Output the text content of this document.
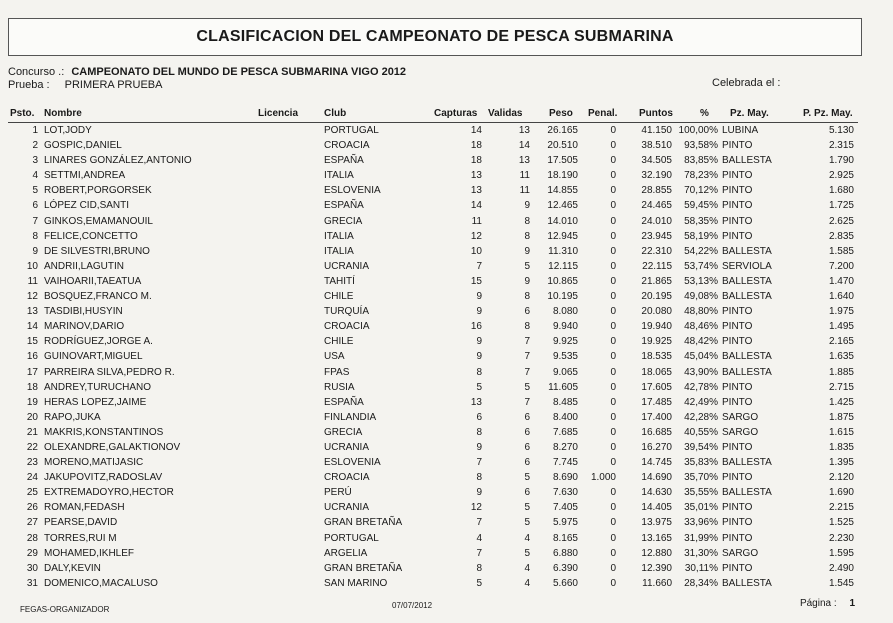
CLASIFICACION DEL CAMPEONATO DE PESCA SUBMARINA
Concurso .: CAMPEONATO DEL MUNDO DE PESCA SUBMARINA VIGO 2012
Prueba : PRIMERA PRUEBA	Celebrada el :
Psto. Nombre	Licencia	Club	Capturas Validas	Peso Penal. Puntos	% Pz. May.	P. Pz. May.
1 LOT,JODY	PORTUGAL	14	13	26.165	0	41.150 100,00% LUBINA	5.130
2 GOSPIC,DANIEL	CROACIA	18	14	20.510	0	38.510	93,58% PINTO	2.315
3 LINARES GONZÁLEZ,ANTONIO	ESPAÑA	18	13	17.505	0	34.505	83,85% BALLESTA	1.790
4 SETTMI,ANDREA	ITALIA	13	11	18.190	0	32.190	78,23% PINTO	2.925
5 ROBERT,PORGORSEK	ESLOVENIA	13	11	14.855	0	28.855	70,12% PINTO	1.680
6 LÓPEZ CID,SANTI	ESPAÑA	14	9	12.465	0	24.465	59,45% PINTO	1.725
7 GINKOS,EMAMANOUIL	GRECIA	11	8	14.010	0	24.010	58,35% PINTO	2.625
8 FELICE,CONCETTO	ITALIA	12	8	12.945	0	23.945	58,19% PINTO	2.835
9 DE SILVESTRI,BRUNO	ITALIA	10	9	11.310	0	22.310	54,22% BALLESTA	1.585
10 ANDRII,LAGUTIN	UCRANIA	7	5	12.115	0	22.115	53,74% SERVIOLA	7.200
11 VAIHOARII,TAEATUA	TAHITÍ	15	9	10.865	0	21.865	53,13% BALLESTA	1.470
12 BOSQUEZ,FRANCO M.	CHILE	9	8	10.195	0	20.195	49,08% BALLESTA	1.640
13 TASDIBI,HUSYIN	TURQUÍA	9	6	8.080	0	20.080	48,80% PINTO	1.975
14 MARINOV,DARIO	CROACIA	16	8	9.940	0	19.940	48,46% PINTO	1.495
15 RODRÍGUEZ,JORGE A.	CHILE	9	7	9.925	0	19.925	48,42% PINTO	2.165
16 GUINOVART,MIGUEL	USA	9	7	9.535	0	18.535	45,04% BALLESTA	1.635
17 PARREIRA SILVA,PEDRO R.	FPAS	8	7	9.065	0	18.065	43,90% BALLESTA	1.885
18 ANDREY,TURUCHANO	RUSIA	5	5	11.605	0	17.605	42,78% PINTO	2.715
19 HERAS LOPEZ,JAIME	ESPAÑA	13	7	8.485	0	17.485	42,49% PINTO	1.425
20 RAPO,JUKA	FINLANDIA	6	6	8.400	0	17.400	42,28% SARGO	1.875
21 MAKRIS,KONSTANTINOS	GRECIA	8	6	7.685	0	16.685	40,55% SARGO	1.615
22 OLEXANDRE,GALAKTIONOV	UCRANIA	9	6	8.270	0	16.270	39,54% PINTO	1.835
23 MORENO,MATIJASIC	ESLOVENIA	7	6	7.745	0	14.745	35,83% BALLESTA	1.395
24 JAKUPOVITZ,RADOSLAV	CROACIA	8	5	8.690	1.000	14.690	35,70% PINTO	2.120
25 EXTREMADOYRO,HECTOR	PERÚ	9	6	7.630	0	14.630	35,55% BALLESTA	1.690
26 ROMAN,FEDASH	UCRANIA	12	5	7.405	0	14.405	35,01% PINTO	2.215
27 PEARSE,DAVID	GRAN BRETAÑA	7	5	5.975	0	13.975	33,96% PINTO	1.525
28 TORRES,RUI M	PORTUGAL	4	4	8.165	0	13.165	31,99% PINTO	2.230
29 MOHAMED,IKHLEF	ARGELIA	7	5	6.880	0	12.880	31,30% SARGO	1.595
30 DALY,KEVIN	GRAN BRETAÑA	8	4	6.390	0	12.390	30,11% PINTO	2.490
31 DOMENICO,MACALUSO	SAN MARINO	5	4	5.660	0	11.660	28,34% BALLESTA	1.545
FEGAS-ORGANIZADOR	07/07/2012	Página : 1
